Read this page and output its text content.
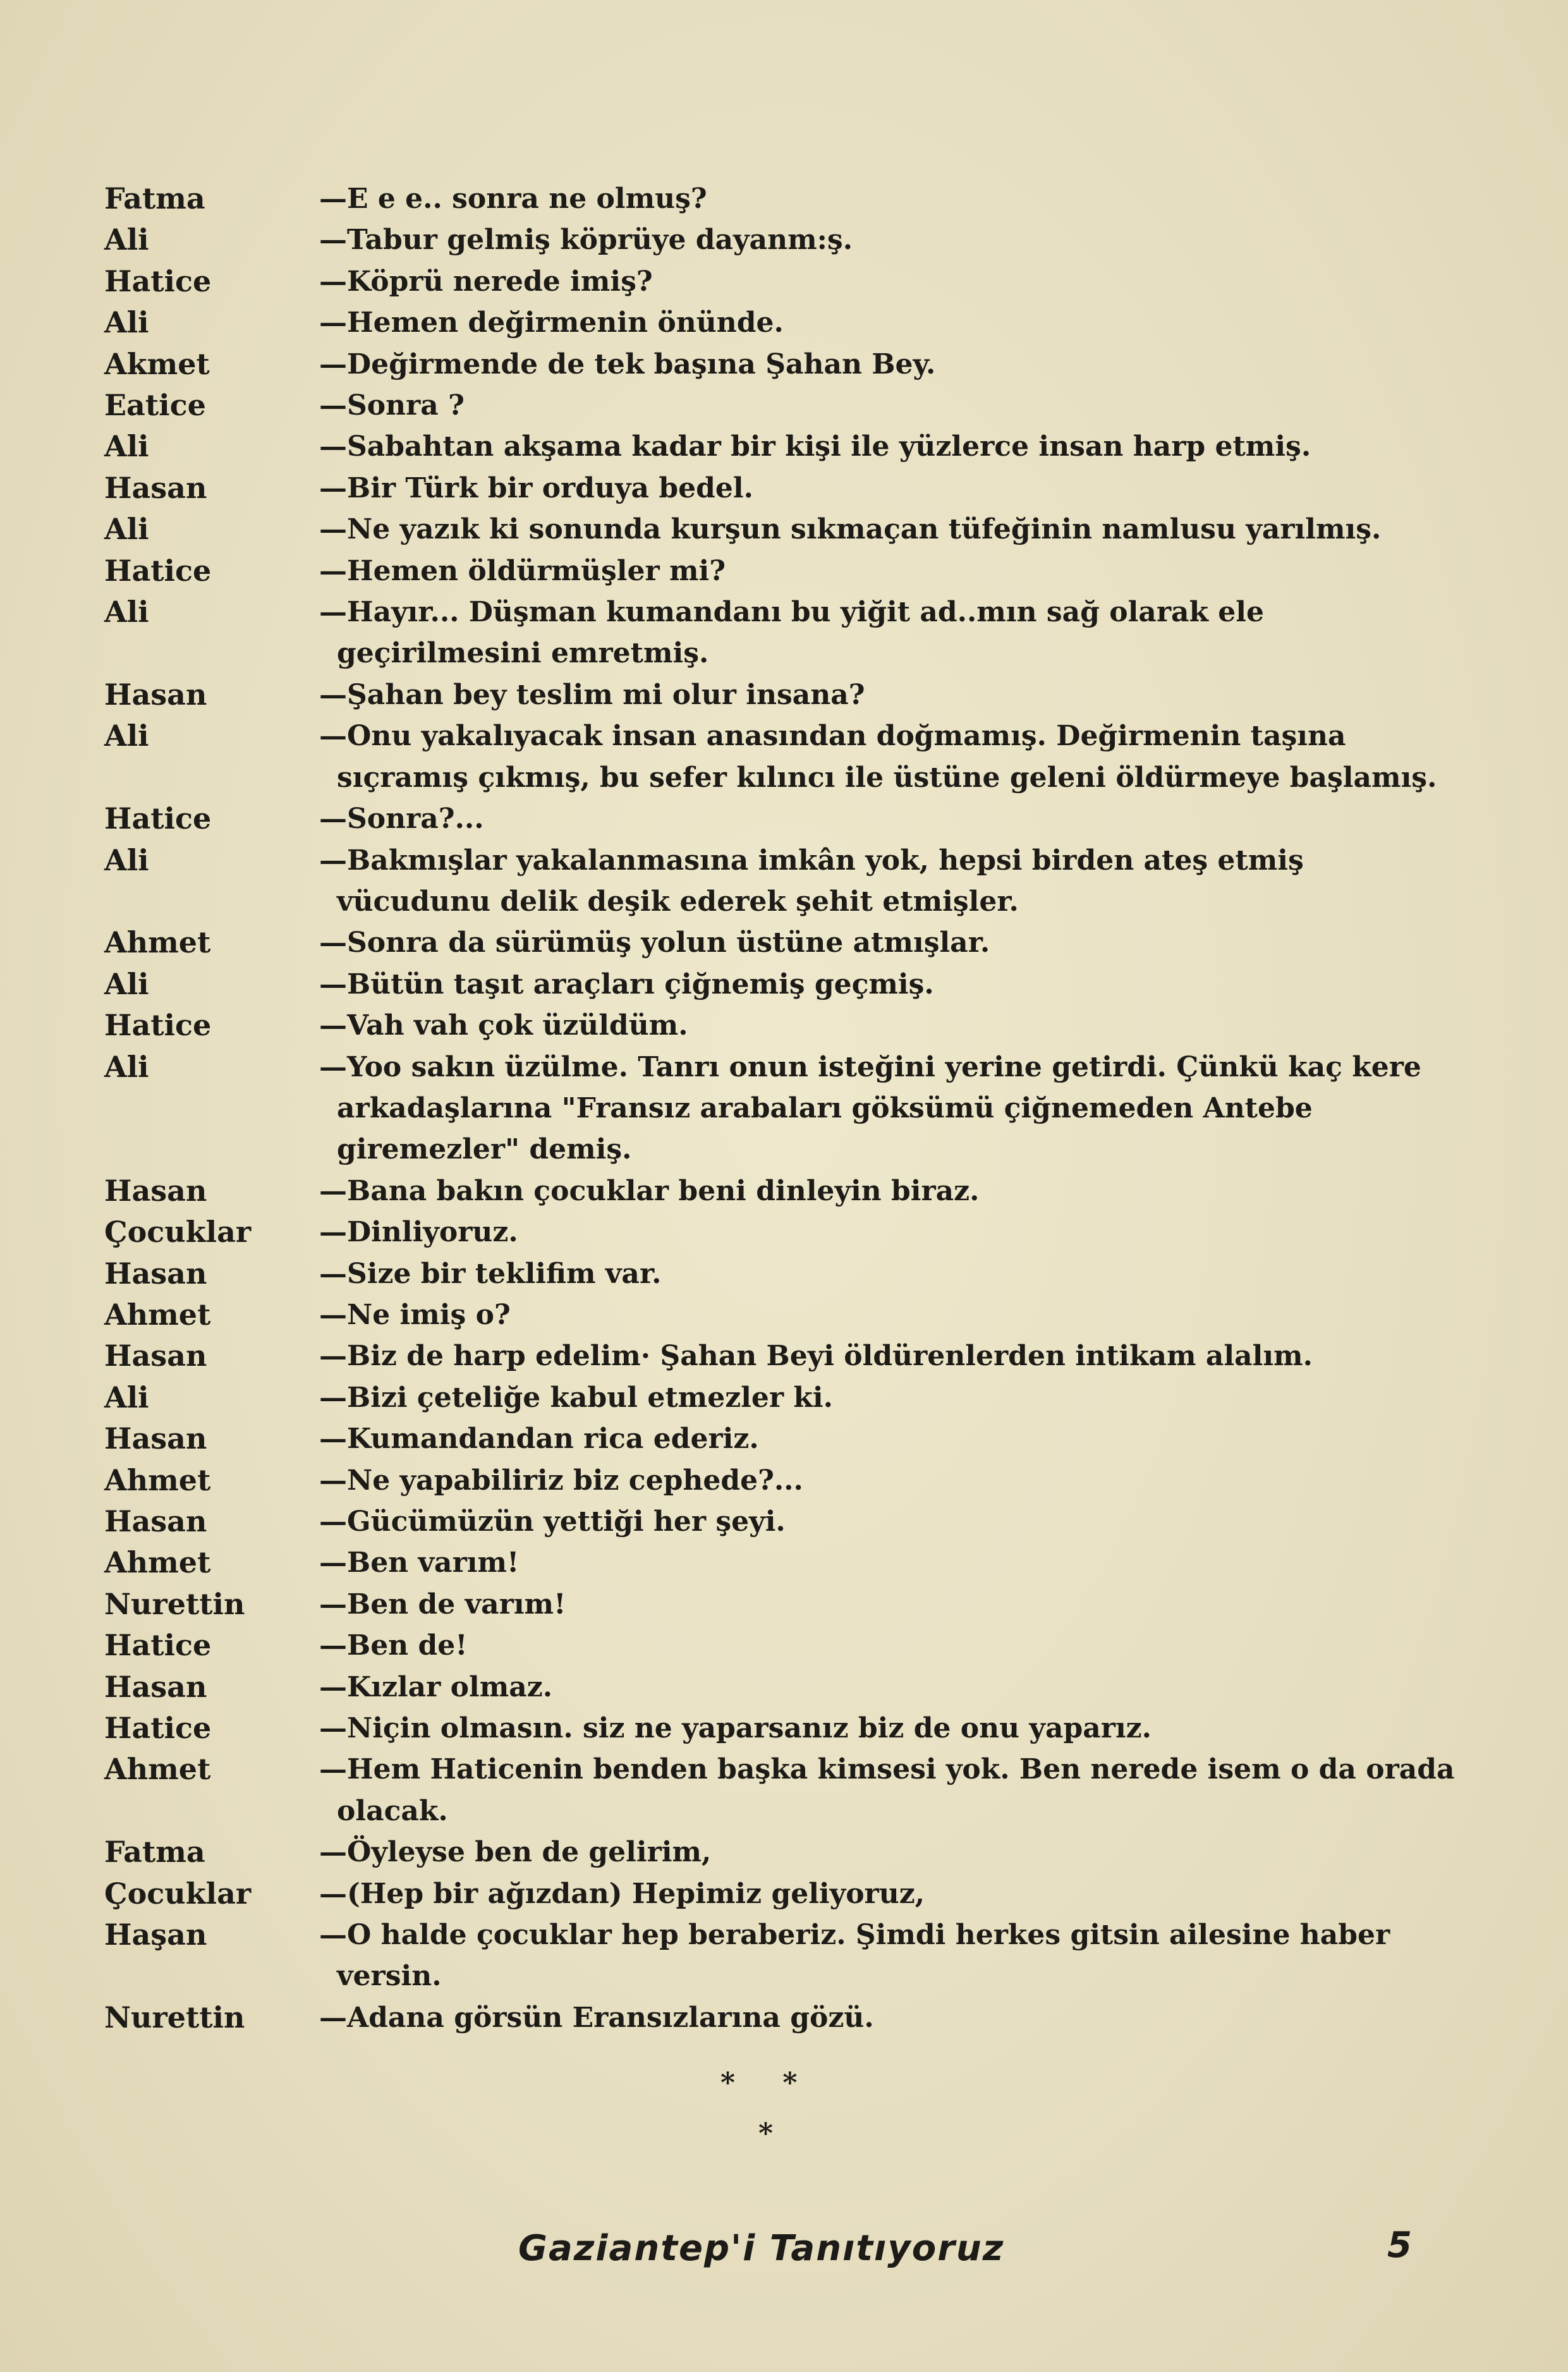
Fatma	—E e e.. sonra ne olmuş?
Ali	—Tabur gelmiş köprüye dayanm:ş.
Hatice	—Köprü nerede imiş?
Ali	—Hemen değirmenin önünde.
Akmet	—Değirmende de tek başına Şahan Bey.
Eatice	—Sonra ?
Ali	—Sabahtan akşama kadar bir kişi ile yüzlerce insan harp etmiş.
Hasan	—Bir Türk bir orduya bedel.
Ali	—Ne yazık ki sonunda kurşun sıkmaçan tüfeğinin namlusu yarılmış.
Hatice	—Hemen öldürmüşler mi?
Ali	—Hayır... Düşman kumandanı bu yiğit ad..mın sağ olarak ele geçirilmesini emretmiş.
Hasan	—Şahan bey teslim mi olur insana?
Ali	—Onu yakalıyacak insan anasından doğmamış. Değirmenin taşına sıçramış çıkmış, bu sefer kılıncı ile üstüne geleni öldürmeye başlamış.
Hatice	—Sonra?...
Ali	—Bakmışlar yakalanmasına imkân yok, hepsi birden ateş etmiş vücudunu delik deşik ederek şehit etmişler.
Ahmet	—Sonra da sürümüş yolun üstüne atmışlar.
Ali	—Bütün taşıt araçları çiğnemiş geçmiş.
Hatice	—Vah vah çok üzüldüm.
Ali	—Yoo sakın üzülme. Tanrı onun isteğini yerine getirdi. Çünkü kaç kere arkadaşlarına "Fransız arabaları göksümü çiğnemeden Antebe giremezler" demiş.
Hasan	—Bana bakın çocuklar beni dinleyin biraz.
Çocuklar	—Dinliyoruz.
Hasan	—Size bir teklifim var.
Ahmet	—Ne imiş o?
Hasan	—Biz de harp edelim· Şahan Beyi öldürenlerden intikam alalım.
Ali	—Bizi çeteliğe kabul etmezler ki.
Hasan	—Kumandandan rica ederiz.
Ahmet	—Ne yapabiliriz biz cephede?...
Hasan	—Gücümüzün yettiği her şeyi.
Ahmet	—Ben varım!
Nurettin	—Ben de varım!
Hatice	—Ben de!
Hasan	—Kızlar olmaz.
Hatice	—Niçin olmasın. siz ne yaparsanız biz de onu yaparız.
Ahmet	—Hem Haticenin benden başka kimsesi yok. Ben nerede isem o da orada olacak.
Fatma	—Öyleyse ben de gelirim,
Çocuklar	—(Hep bir ağızdan) Hepimiz geliyoruz,
Haşan	—O halde çocuklar hep beraberiz. Şimdi herkes gitsin ailesine haber versin.
Nurettin	—Adana görsün Eransızlarına gözü.
* *
*
Gaziantep'i Tanıtıyoruz	5
